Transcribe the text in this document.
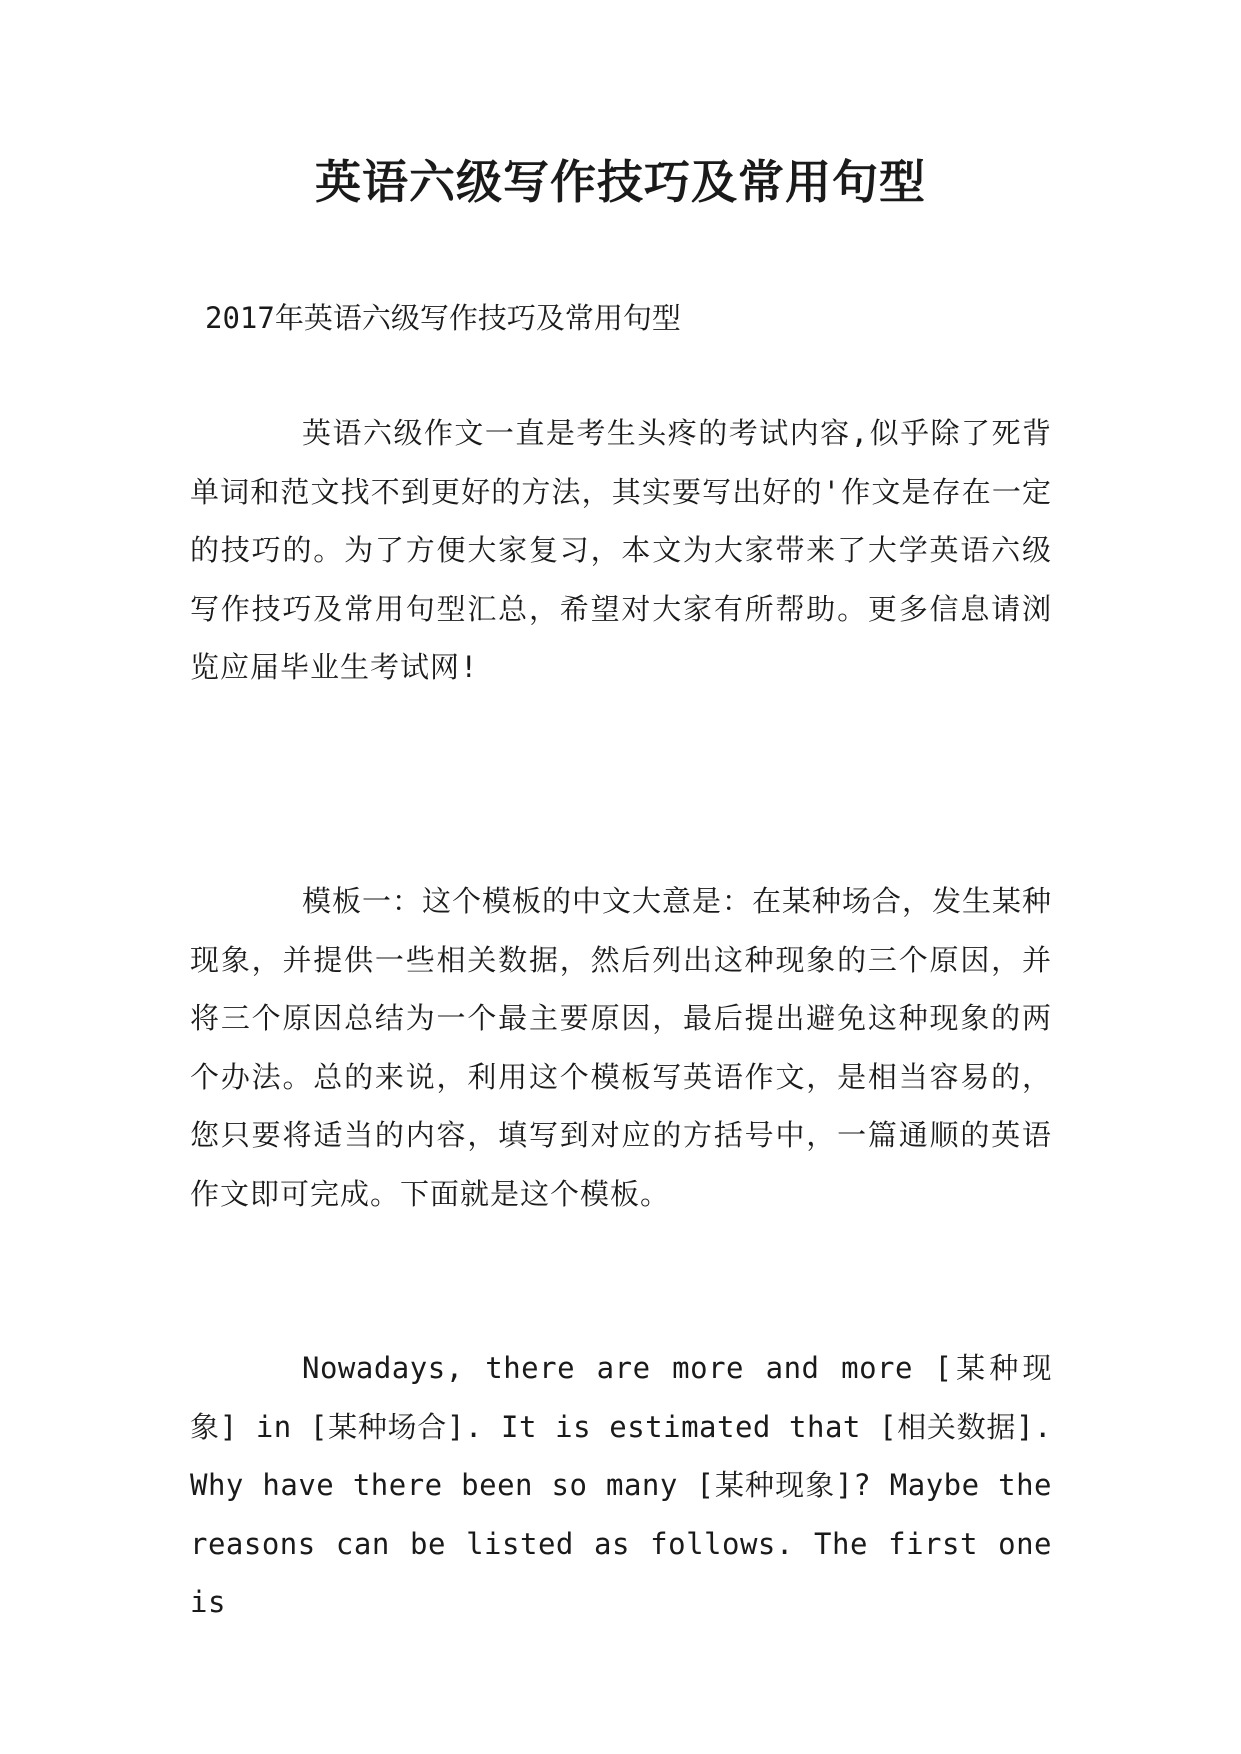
英语六级写作技巧及常用句型

2017年英语六级写作技巧及常用句型

英语六级作文一直是考生头疼的考试内容,似乎除了死背单词和范文找不到更好的方法，其实要写出好的'作文是存在一定的技巧的。为了方便大家复习，本文为大家带来了大学英语六级写作技巧及常用句型汇总，希望对大家有所帮助。更多信息请浏览应届毕业生考试网!

模板一：这个模板的中文大意是：在某种场合，发生某种现象，并提供一些相关数据，然后列出这种现象的三个原因，并将三个原因总结为一个最主要原因，最后提出避免这种现象的两个办法。总的来说，利用这个模板写英语作文，是相当容易的，您只要将适当的内容，填写到对应的方括号中，一篇通顺的英语作文即可完成。下面就是这个模板。

Nowadays, there are more and more [某种现象] in [某种场合]. It is estimated that [相关数据]. Why have there been so many [某种现象]? Maybe the reasons can be listed as follows. The first one is
